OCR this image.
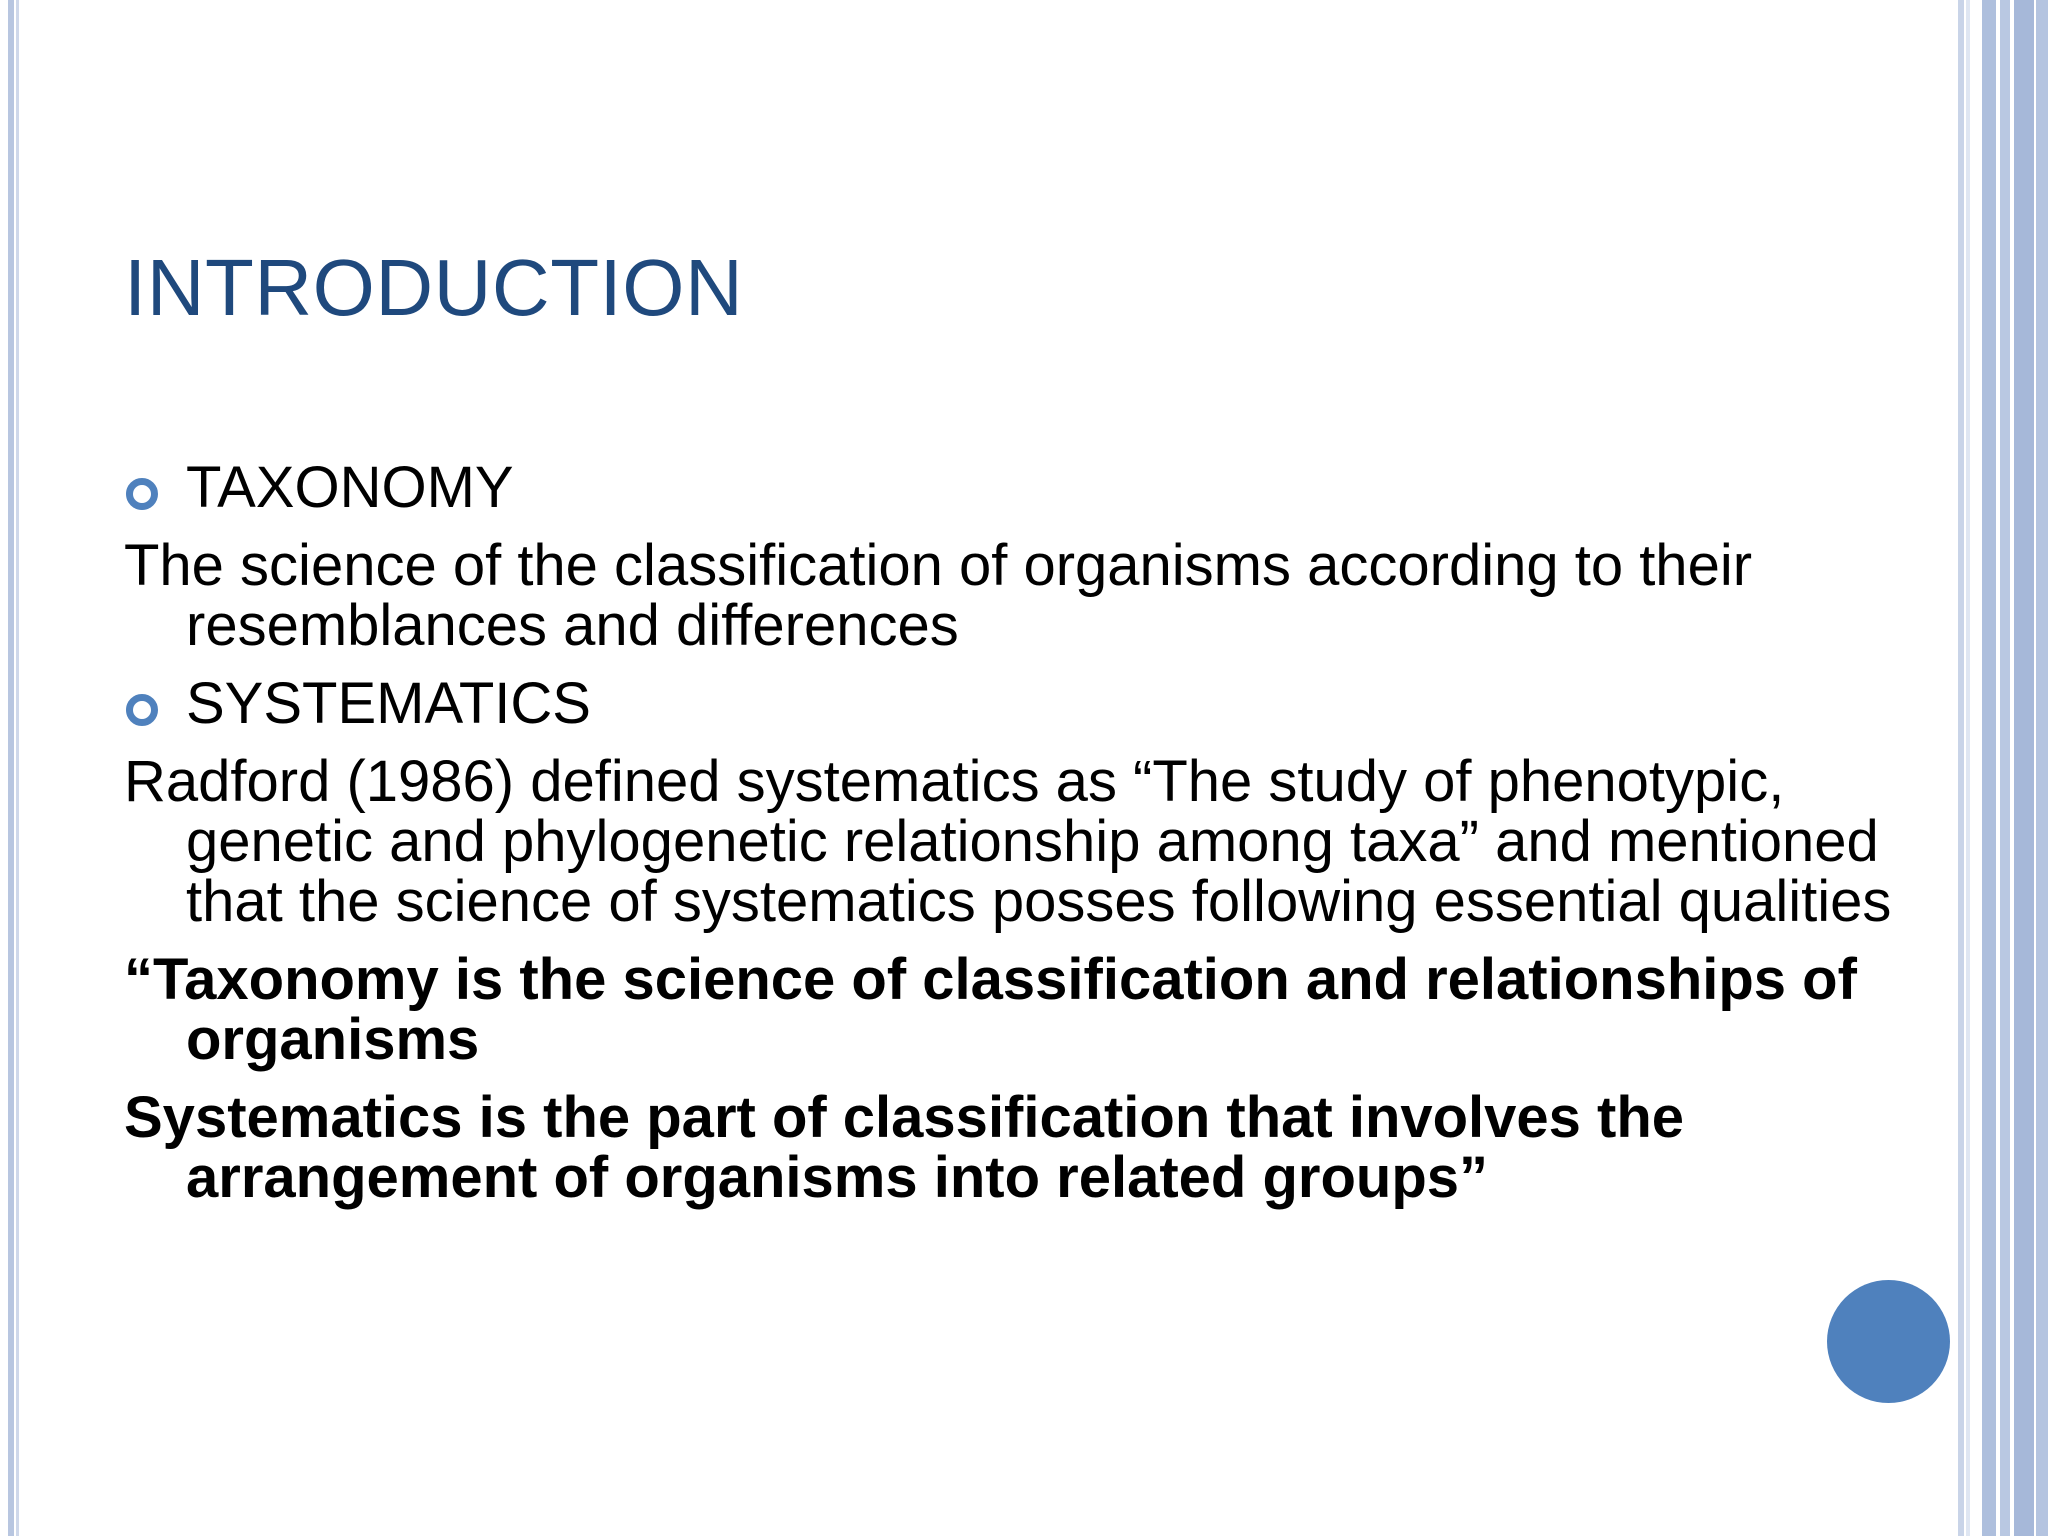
INTRODUCTION
TAXONOMY
The science of the classification of organisms according to their resemblances and differences
SYSTEMATICS
Radford (1986) defined systematics as “The study of phenotypic, genetic and phylogenetic relationship among taxa” and mentioned that the science of systematics posses following essential qualities
“Taxonomy is the science of classification and relationships of organisms
Systematics is the part of classification that involves the arrangement of organisms into related groups”
